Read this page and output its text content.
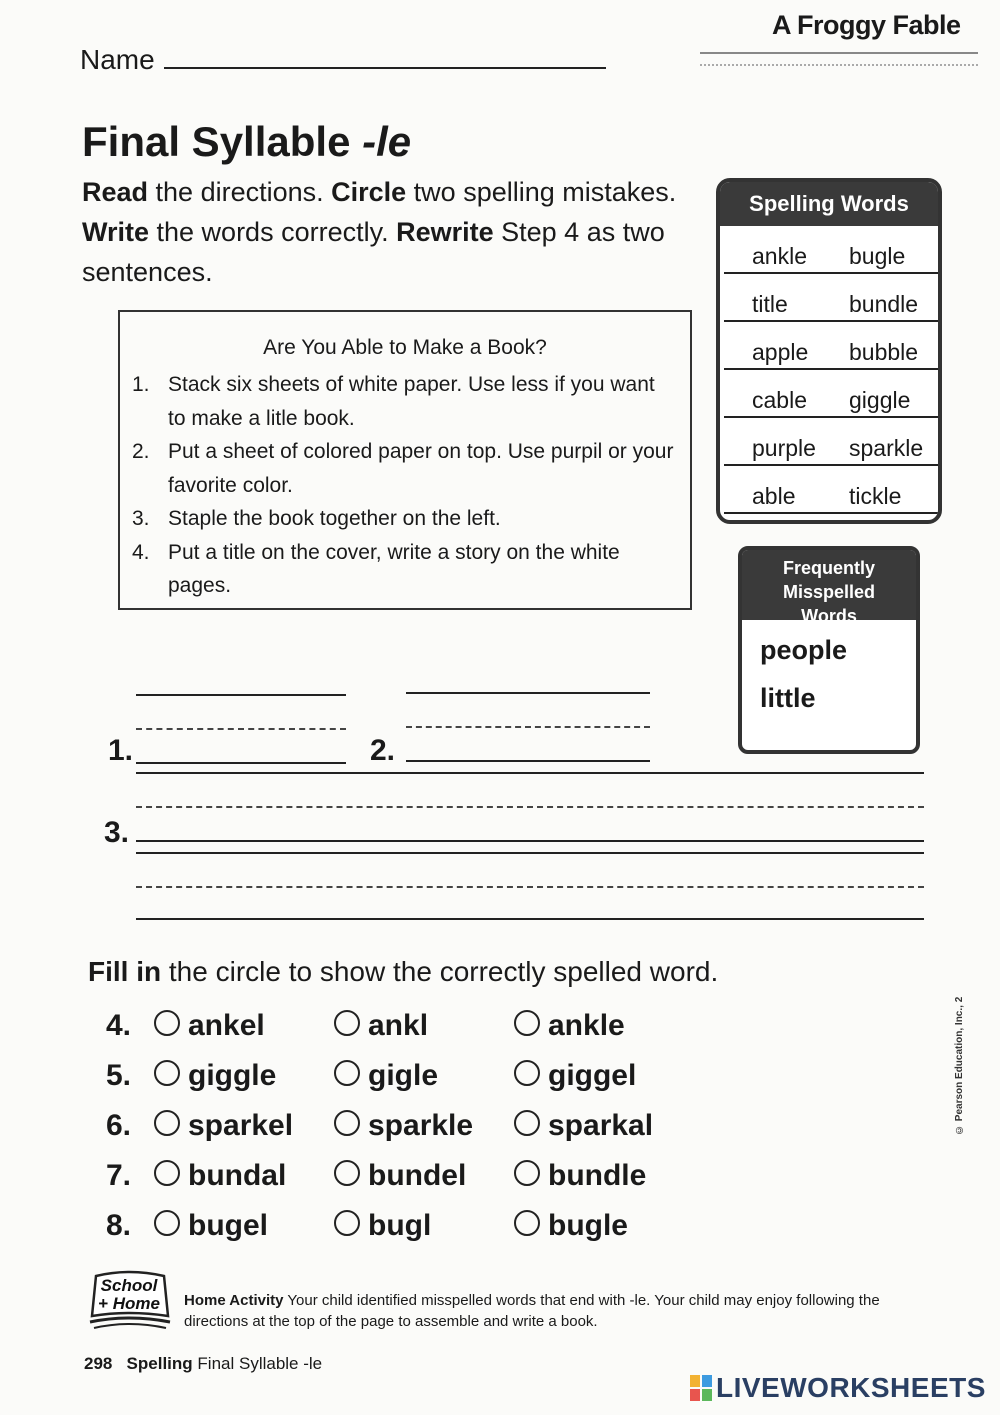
A Froggy Fable
Name
Final Syllable -le
Read the directions. Circle two spelling mistakes. Write the words correctly. Rewrite Step 4 as two sentences.
Are You Able to Make a Book?
1. Stack six sheets of white paper. Use less if you want to make a litle book.
2. Put a sheet of colored paper on top. Use purpil or your favorite color.
3. Staple the book together on the left.
4. Put a title on the cover, write a story on the white pages.
Spelling Words
ankle	bugle
title	bundle
apple	bubble
cable	giggle
purple	sparkle
able	tickle
Frequently
Misspelled
Words
people
little
1.	2.
3.
Fill in the circle to show the correctly spelled word.
4.	ankel	ankl	ankle
5.	giggle	gigle	giggel
6.	sparkel sparkle sparkal
7.	bundal	bundel	bundle
8.	bugel	bugl	bugle
© Pearson Education, Inc., 2
School
+ Home Home Activity Your child identified misspelled words that end with -le. Your child may enjoy following the directions at the top of the page to assemble and write a book.
298 Spelling Final Syllable -le
LIVEWORKSHEETS
